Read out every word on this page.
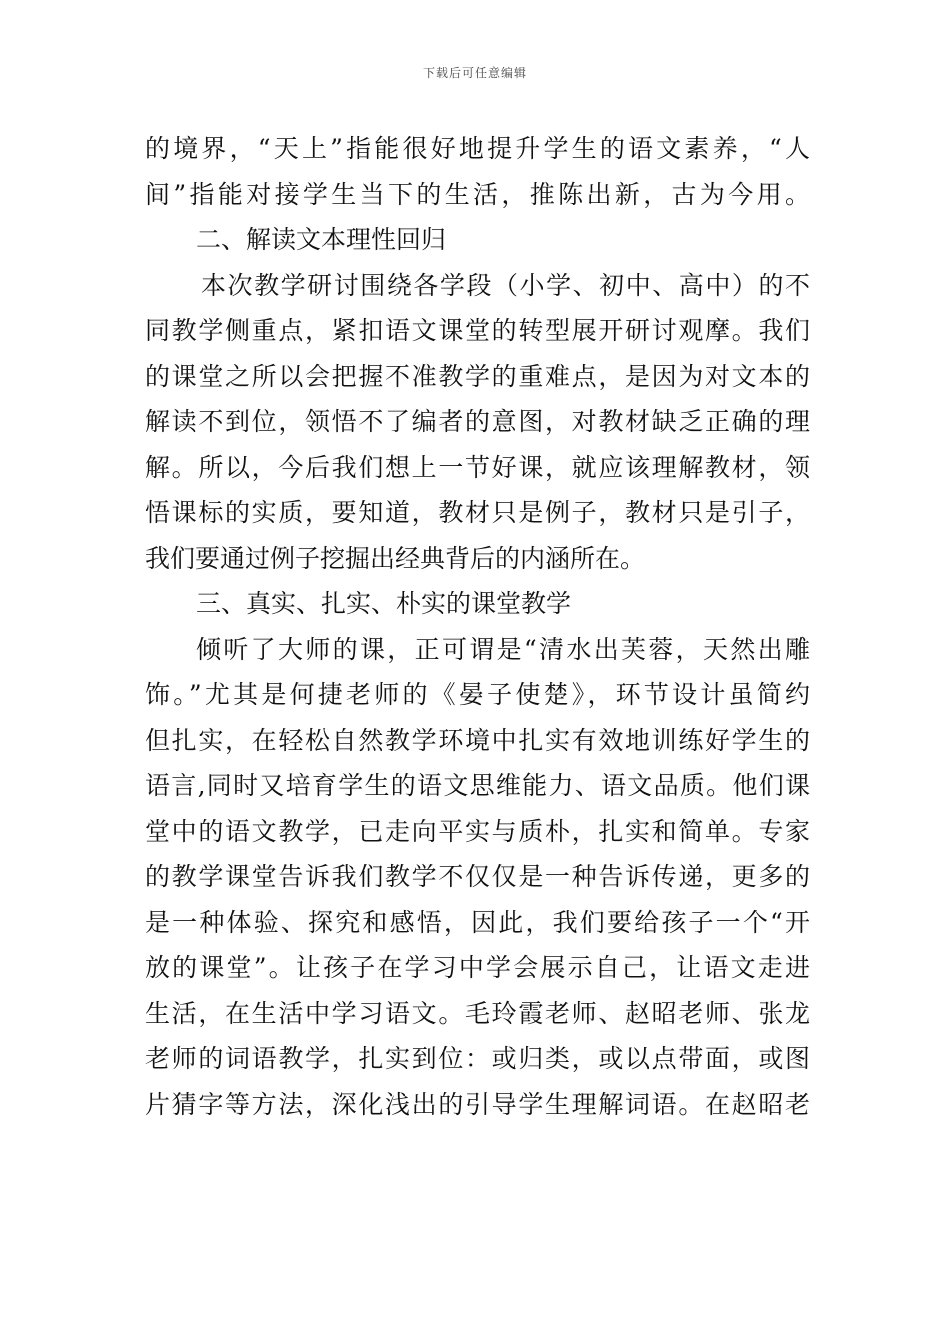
下载后可任意编辑
的境界，“天上”指能很好地提升学生的语文素养，“人
间”指能对接学生当下的生活，推陈出新，古为今用。
二、解读文本理性回归
本次教学研讨围绕各学段（小学、初中、高中）的不
同教学侧重点，紧扣语文课堂的转型展开研讨观摩。我们
的课堂之所以会把握不准教学的重难点，是因为对文本的
解读不到位，领悟不了编者的意图，对教材缺乏正确的理
解。所以，今后我们想上一节好课，就应该理解教材，领
悟课标的实质，要知道，教材只是例子，教材只是引子，
我们要通过例子挖掘出经典背后的内涵所在。
三、真实、扎实、朴实的课堂教学
倾听了大师的课，正可谓是“清水出芙蓉，天然出雕
饰。”尤其是何捷老师的《晏子使楚》，环节设计虽简约
但扎实，在轻松自然教学环境中扎实有效地训练好学生的
语言,同时又培育学生的语文思维能力、语文品质。他们课
堂中的语文教学，已走向平实与质朴，扎实和简单。专家
的教学课堂告诉我们教学不仅仅是一种告诉传递，更多的
是一种体验、探究和感悟，因此，我们要给孩子一个“开
放的课堂”。让孩子在学习中学会展示自己，让语文走进
生活，在生活中学习语文。毛玲霞老师、赵昭老师、张龙
老师的词语教学，扎实到位：或归类，或以点带面，或图
片猜字等方法，深化浅出的引导学生理解词语。在赵昭老
